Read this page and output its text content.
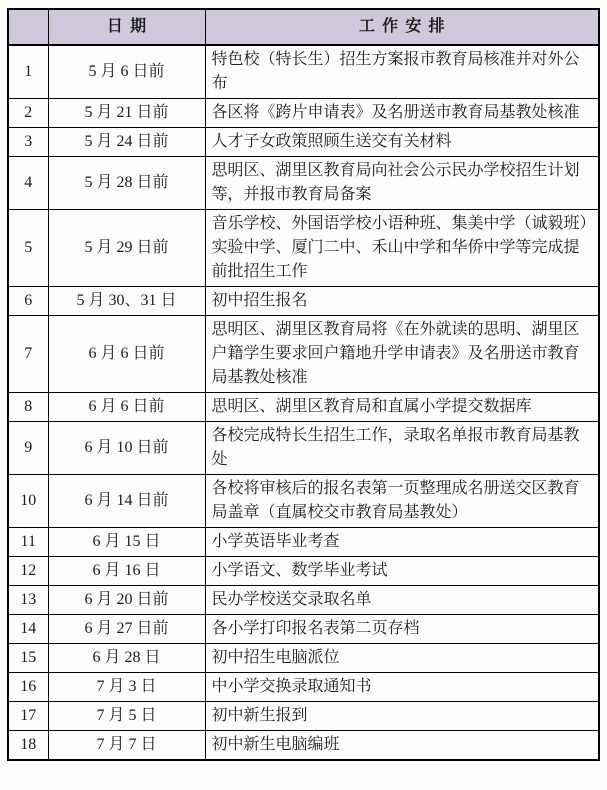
	日期	工作安排
1	5 月 6 日前	特色校（特长生）招生方案报市教育局核准并对外公布
2	5 月 21 日前	各区将《跨片申请表》及名册送市教育局基教处核准
3	5 月 24 日前	人才子女政策照顾生送交有关材料
4	5 月 28 日前	思明区、湖里区教育局向社会公示民办学校招生计划等，并报市教育局备案
5	5 月 29 日前	音乐学校、外国语学校小语种班、集美中学（诚毅班）实验中学、厦门二中、禾山中学和华侨中学等完成提前批招生工作
6	5 月 30、31 日	初中招生报名
7	6 月 6 日前	思明区、湖里区教育局将《在外就读的思明、湖里区户籍学生要求回户籍地升学申请表》及名册送市教育局基教处核准
8	6 月 6 日前	思明区、湖里区教育局和直属小学提交数据库
9	6 月 10 日前	各校完成特长生招生工作，录取名单报市教育局基教处
10	6 月 14 日前	各校将审核后的报名表第一页整理成名册送交区教育局盖章（直属校交市教育局基教处）
11	6 月 15 日	小学英语毕业考查
12	6 月 16 日	小学语文、数学毕业考试
13	6 月 20 日前	民办学校送交录取名单
14	6 月 27 日前	各小学打印报名表第二页存档
15	6 月 28 日	初中招生电脑派位
16	7 月 3 日	中小学交换录取通知书
17	7 月 5 日	初中新生报到
18	7 月 7 日	初中新生电脑编班
